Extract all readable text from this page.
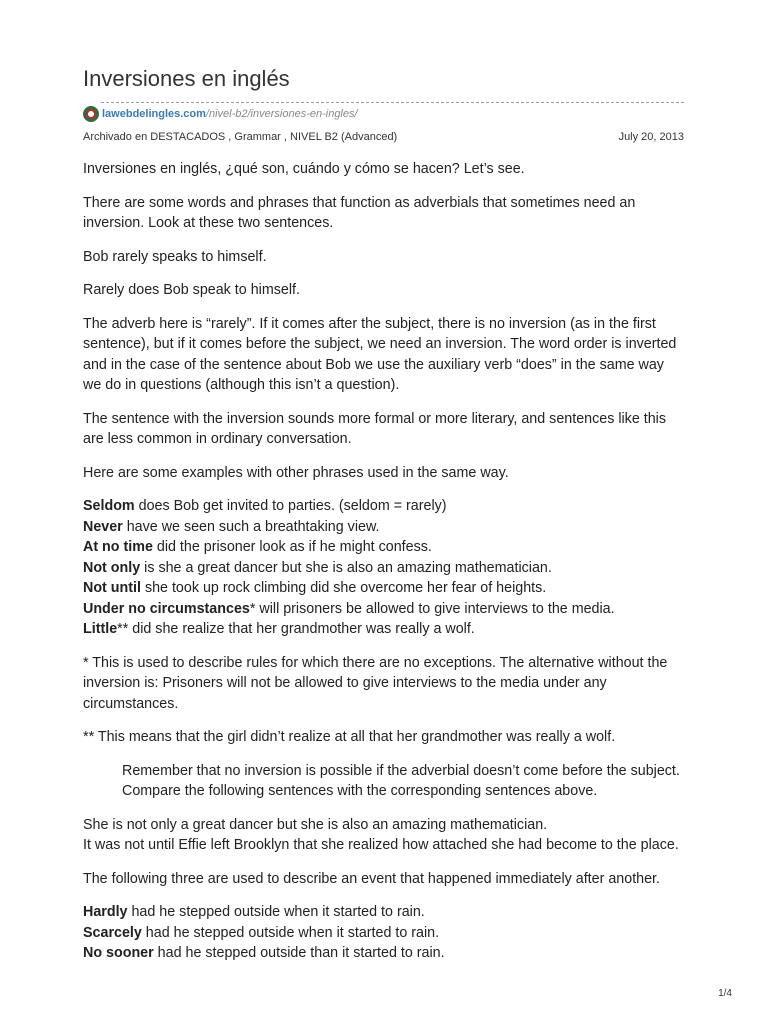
Inversiones en inglés
lawebdelingles.com /nivel-b2/inversiones-en-ingles/
Archivado en DESTACADOS , Grammar , NIVEL B2 (Advanced)	July 20, 2013

Inversiones en inglés, ¿qué son, cuándo y cómo se hacen? Let’s see.

There are some words and phrases that function as adverbials that sometimes need an inversion. Look at these two sentences.

Bob rarely speaks to himself.

Rarely does Bob speak to himself.

The adverb here is “rarely”. If it comes after the subject, there is no inversion (as in the first sentence), but if it comes before the subject, we need an inversion. The word order is inverted and in the case of the sentence about Bob we use the auxiliary verb “does” in the same way we do in questions (although this isn’t a question).

The sentence with the inversion sounds more formal or more literary, and sentences like this are less common in ordinary conversation.

Here are some examples with other phrases used in the same way.

Seldom does Bob get invited to parties. (seldom = rarely)
Never have we seen such a breathtaking view.
At no time did the prisoner look as if he might confess.
Not only is she a great dancer but she is also an amazing mathematician.
Not until she took up rock climbing did she overcome her fear of heights.
Under no circumstances* will prisoners be allowed to give interviews to the media.
Little** did she realize that her grandmother was really a wolf.

* This is used to describe rules for which there are no exceptions. The alternative without the inversion is: Prisoners will not be allowed to give interviews to the media under any circumstances.

** This means that the girl didn’t realize at all that her grandmother was really a wolf.

Remember that no inversion is possible if the adverbial doesn’t come before the subject. Compare the following sentences with the corresponding sentences above.

She is not only a great dancer but she is also an amazing mathematician.
It was not until Effie left Brooklyn that she realized how attached she had become to the place.

The following three are used to describe an event that happened immediately after another.

Hardly had he stepped outside when it started to rain.
Scarcely had he stepped outside when it started to rain.
No sooner had he stepped outside than it started to rain.

1/4
